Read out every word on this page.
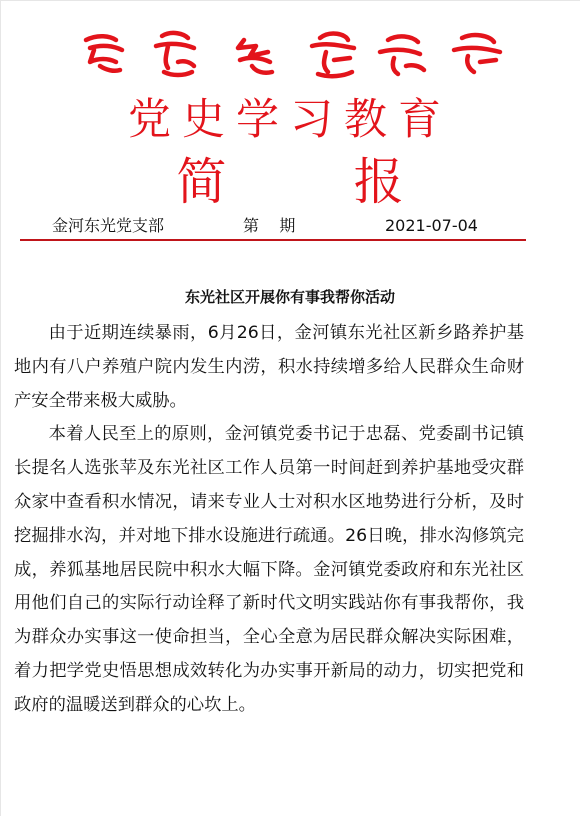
党史学习教育
简        报
金河东光党支部	第    期	2021-07-04
东光社区开展你有事我帮你活动

由于近期连续暴雨，6月26日，金河镇东光社区新乡路养护基地内有八户养殖户院内发生内涝，积水持续增多给人民群众生命财产安全带来极大威胁。

本着人民至上的原则，金河镇党委书记于忠磊、党委副书记镇长提名人选张苹及东光社区工作人员第一时间赶到养护基地受灾群众家中查看积水情况，请来专业人士对积水区地势进行分析，及时挖掘排水沟，并对地下排水设施进行疏通。26日晚，排水沟修筑完成，养狐基地居民院中积水大幅下降。金河镇党委政府和东光社区用他们自己的实际行动诠释了新时代文明实践站你有事我帮你，我为群众办实事这一使命担当，全心全意为居民群众解决实际困难，着力把学党史悟思想成效转化为办实事开新局的动力，切实把党和政府的温暖送到群众的心坎上。
